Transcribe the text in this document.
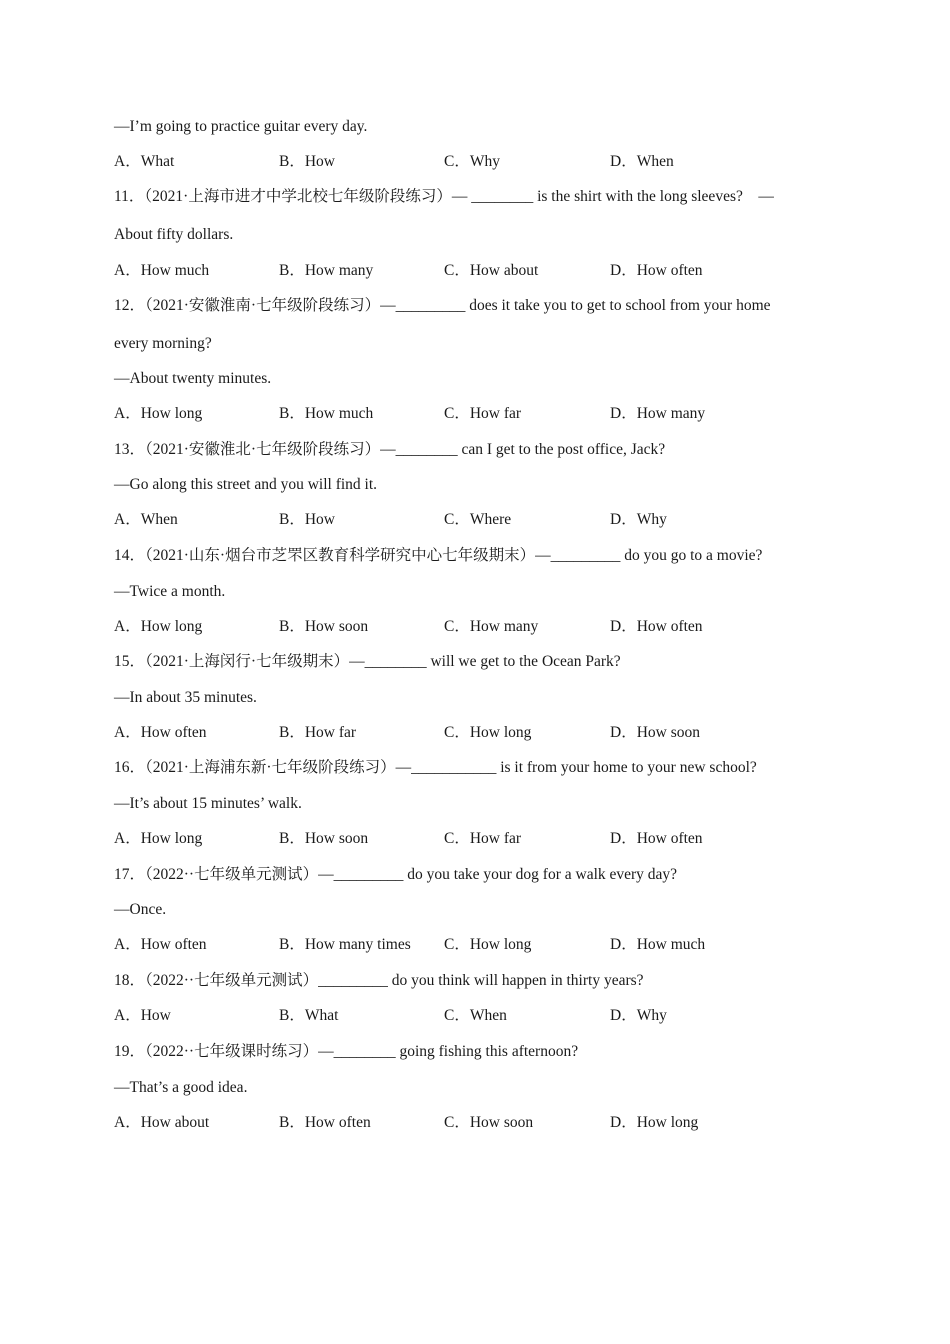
—I’m going to practice guitar every day.
A．What	B．How	C．Why	D．When
11．（2021·上海市进才中学北校七年级阶段练习）— ________ is the shirt with the long sleeves?　—
About fifty dollars.
A．How much	B．How many	C．How about	D．How often
12．（2021·安徽淮南·七年级阶段练习）—_________ does it take you to get to school from your home
every morning?
—About twenty minutes.
A．How long	B．How much	C．How far	D．How many
13．（2021·安徽淮北·七年级阶段练习）—________ can I get to the post office, Jack?
—Go along this street and you will find it.
A．When	B．How	C．Where	D．Why
14．（2021·山东·烟台市芝罘区教育科学研究中心七年级期末）—_________ do you go to a movie?
—Twice a month.
A．How long	B．How soon	C．How many	D．How often
15．（2021·上海闵行·七年级期末）—________ will we get to the Ocean Park?
—In about 35 minutes.
A．How often	B．How far	C．How long	D．How soon
16．（2021·上海浦东新·七年级阶段练习）—___________ is it from your home to your new school?
—It’s about 15 minutes’ walk.
A．How long	B．How soon	C．How far	D．How often
17．（2022··七年级单元测试）—_________ do you take your dog for a walk every day?
—Once.
A．How often	B．How many times C．How long	D．How much
18．（2022··七年级单元测试）_________ do you think will happen in thirty years?
A．How	B．What	C．When	D．Why
19．（2022··七年级课时练习）—________ going fishing this afternoon?
—That’s a good idea.
A．How about	B．How often	C．How soon	D．How long
